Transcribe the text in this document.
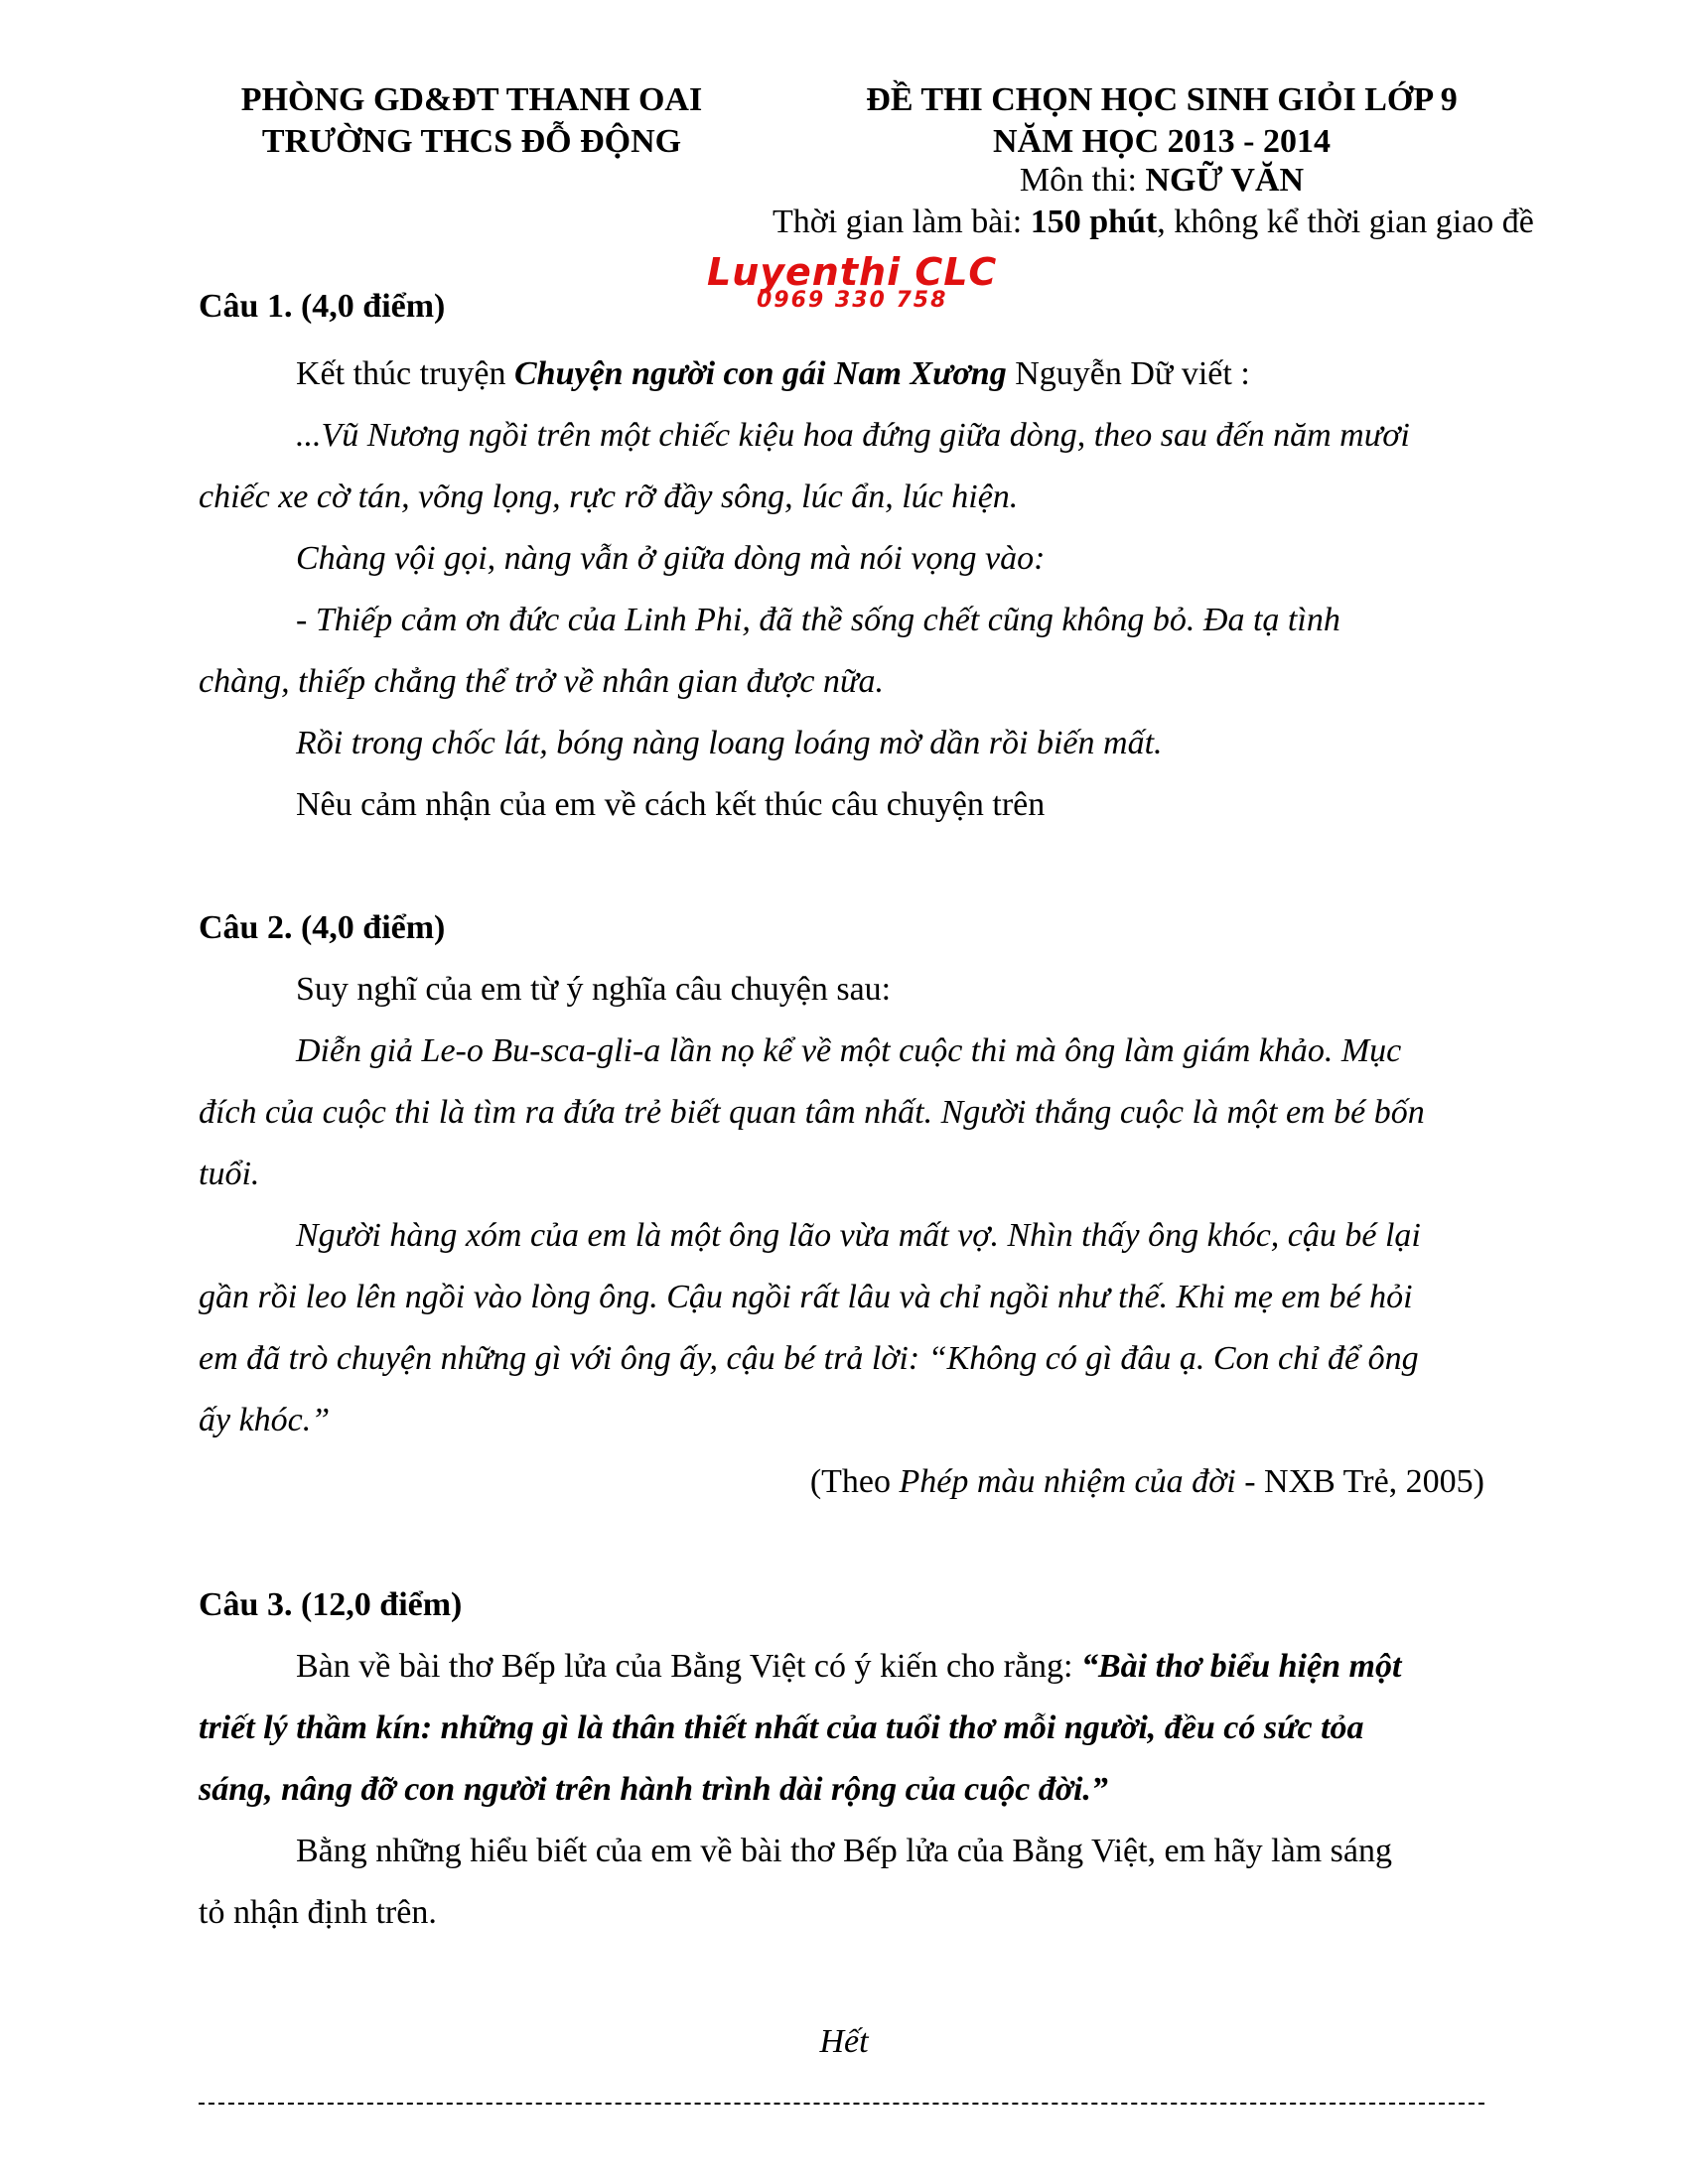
PHÒNG GD&ĐT THANH OAI
TRƯỜNG THCS ĐỖ ĐỘNG
ĐỀ THI CHỌN HỌC SINH GIỎI LỚP 9
NĂM HỌC 2013 - 2014
Môn thi: NGỮ VĂN
Thời gian làm bài: 150 phút, không kể thời gian giao đề
Luyenthi CLC
0969 330 758
Câu 1. (4,0 điểm)
Kết thúc truyện Chuyện người con gái Nam Xương Nguyễn Dữ viết :
...Vũ Nương ngồi trên một chiếc kiệu hoa đứng giữa dòng, theo sau đến năm mươi
chiếc xe cờ tán, võng lọng, rực rỡ đầy sông, lúc ẩn, lúc hiện.
Chàng vội gọi, nàng vẫn ở giữa dòng mà nói vọng vào:
- Thiếp cảm ơn đức của Linh Phi, đã thề sống chết cũng không bỏ. Đa tạ tình
chàng, thiếp chẳng thể trở về nhân gian được nữa.
Rồi trong chốc lát, bóng nàng loang loáng mờ dần rồi biến mất.
Nêu cảm nhận của em về cách kết thúc câu chuyện trên
Câu 2. (4,0 điểm)
Suy nghĩ của em từ ý nghĩa câu chuyện sau:
Diễn giả Le-o Bu-sca-gli-a lần nọ kể về một cuộc thi mà ông làm giám khảo. Mục
đích của cuộc thi là tìm ra đứa trẻ biết quan tâm nhất. Người thắng cuộc là một em bé bốn
tuổi.
Người hàng xóm của em là một ông lão vừa mất vợ. Nhìn thấy ông khóc, cậu bé lại
gần rồi leo lên ngồi vào lòng ông. Cậu ngồi rất lâu và chỉ ngồi như thế. Khi mẹ em bé hỏi
em đã trò chuyện những gì với ông ấy, cậu bé trả lời: “Không có gì đâu ạ. Con chỉ để ông
ấy khóc.”
(Theo Phép màu nhiệm của đời - NXB Trẻ, 2005)
Câu 3. (12,0 điểm)
Bàn về bài thơ Bếp lửa của Bằng Việt có ý kiến cho rằng: “Bài thơ biểu hiện một
triết lý thầm kín: những gì là thân thiết nhất của tuổi thơ mỗi người, đều có sức tỏa
sáng, nâng đỡ con người trên hành trình dài rộng của cuộc đời.”
Bằng những hiểu biết của em về bài thơ Bếp lửa của Bằng Việt, em hãy làm sáng
tỏ nhận định trên.
Hết
